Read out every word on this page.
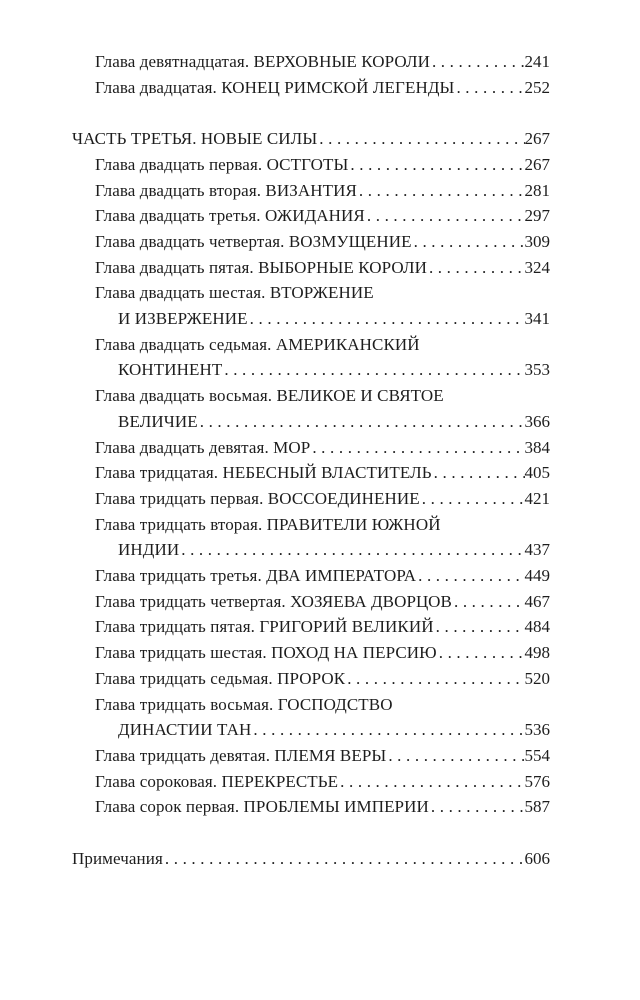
Глава девятнадцатая. ВЕРХОВНЫЕ КОРОЛИ .....	241
Глава двадцатая. КОНЕЦ РИМСКОЙ ЛЕГЕНДЫ .....	252
ЧАСТЬ ТРЕТЬЯ. НОВЫЕ СИЛЫ .....	267
Глава двадцать первая. ОСТГОТЫ .....	267
Глава двадцать вторая. ВИЗАНТИЯ .....	281
Глава двадцать третья. ОЖИДАНИЯ .....	297
Глава двадцать четвертая. ВОЗМУЩЕНИЕ .....	309
Глава двадцать пятая. ВЫБОРНЫЕ КОРОЛИ .....	324
Глава двадцать шестая. ВТОРЖЕНИЕ
И ИЗВЕРЖЕНИЕ .....	341
Глава двадцать седьмая. АМЕРИКАНСКИЙ
КОНТИНЕНТ .....	353
Глава двадцать восьмая. ВЕЛИКОЕ И СВЯТОЕ
ВЕЛИЧИЕ .....	366
Глава двадцать девятая. МОР .....	384
Глава тридцатая. НЕБЕСНЫЙ ВЛАСТИТЕЛЬ .....	405
Глава тридцать первая. ВОССОЕДИНЕНИЕ .....	421
Глава тридцать вторая. ПРАВИТЕЛИ ЮЖНОЙ
ИНДИИ .....	437
Глава тридцать третья. ДВА ИМПЕРАТОРА .....	449
Глава тридцать четвертая. ХОЗЯЕВА ДВОРЦОВ .....	467
Глава тридцать пятая. ГРИГОРИЙ ВЕЛИКИЙ .....	484
Глава тридцать шестая. ПОХОД НА ПЕРСИЮ .....	498
Глава тридцать седьмая. ПРОРОК .....	520
Глава тридцать восьмая. ГОСПОДСТВО
ДИНАСТИИ ТАН .....	536
Глава тридцать девятая. ПЛЕМЯ ВЕРЫ .....	554
Глава сороковая. ПЕРЕКРЕСТЬЕ .....	576
Глава сорок первая. ПРОБЛЕМЫ ИМПЕРИИ .....	587
Примечания .....	606
